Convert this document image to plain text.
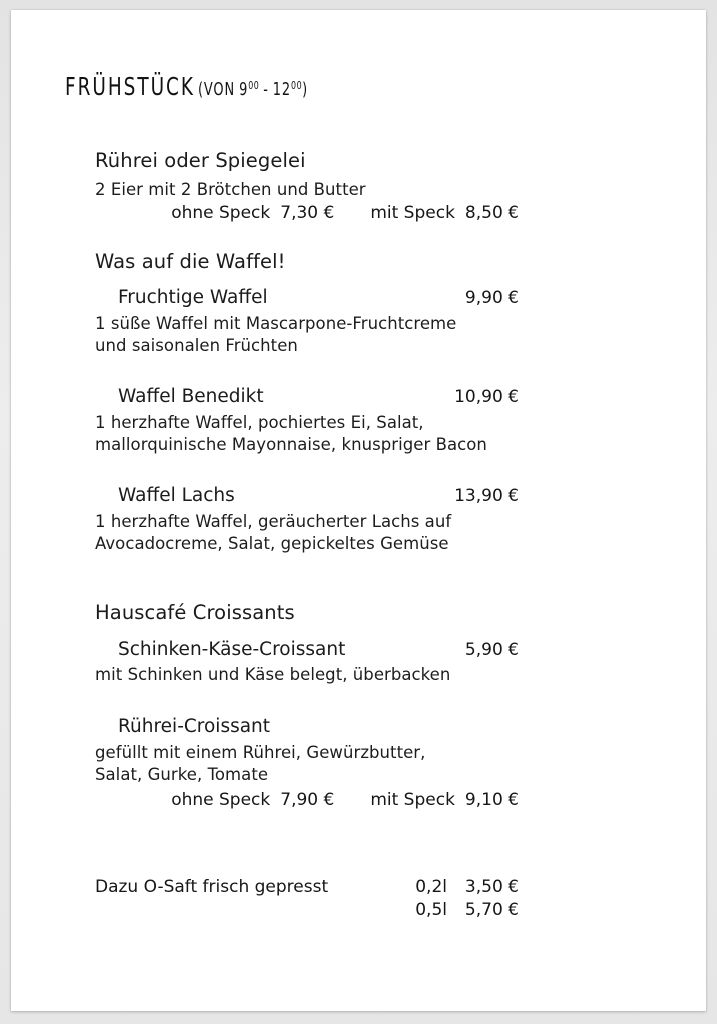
FRÜHSTÜCK (VON $9^{00} - 12^{00}$ )
Rührei oder Spiegelei
2 Eier mit 2 Brötchen und Butter
ohne Speck 7,30 € mit Speck 8,50 €
Was auf die Waffel!
Fruchtige Waffel	9,90 €
1 süße Waffel mit Mascarpone-Fruchtcreme
und saisonalen Früchten
Waffel Benedikt	10,90 €
1 herzhafte Waffel, pochiertes Ei, Salat,
mallorquinische Mayonnaise, knuspriger Bacon
Waffel Lachs	13,90 €
1 herzhafte Waffel, geräucherter Lachs auf
Avocadocreme, Salat, gepickeltes Gemüse
Hauscafé Croissants
Schinken-Käse-Croissant	5,90 €
mit Schinken und Käse belegt, überbacken
Rührei-Croissant
gefüllt mit einem Rührei, Gewürzbutter,
Salat, Gurke, Tomate
ohne Speck 7,90 € mit Speck 9,10 €
Dazu O-Saft frisch gepresst	0,2l	3,50 €
0,5l	5,70 €
